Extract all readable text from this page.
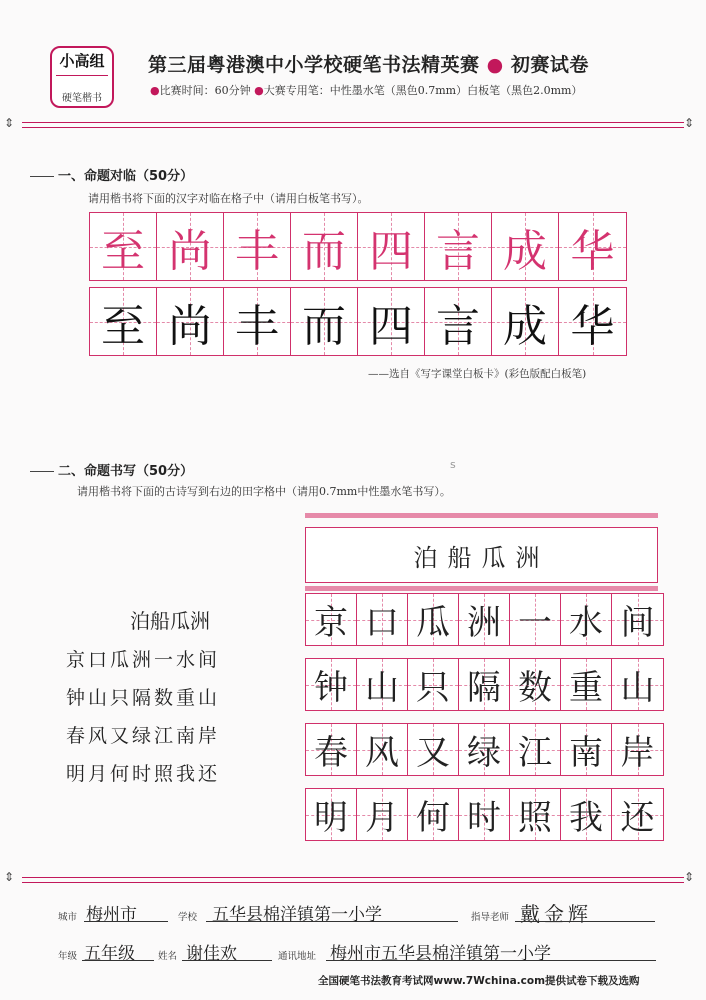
小高组
硬笔楷书
第三届粤港澳中小学校硬笔书法精英赛 ● 初赛试卷
●比赛时间：60分钟 ●大赛专用笔：中性墨水笔（黑色0.7mm）白板笔（黑色2.0mm）
⇕	⇕
一、命题对临（50分）
请用楷书将下面的汉字对临在格子中（请用白板笔书写）。
至 尚 丰 而 四 言 成 华
至 尚 丰 而 四 言 成 华
——选自《写字课堂白板卡》(彩色版配白板笔)
二、命题书写（50分）
请用楷书将下面的古诗写到右边的田字格中（请用0.7mm中性墨水笔书写）。
s
泊船瓜洲
京口瓜洲一水间
钟山只隔数重山
春风又绿江南岸
明月何时照我还
泊船瓜洲
京 口 瓜 洲 一 水 间
钟 山 只 隔 数 重 山
春 风 又 绿 江 南 岸
明 月 何 时 照 我 还
⇕	⇕
城市 梅州市	学校 五华县棉洋镇第一小学	指导老师 戴金辉
年级 五年级 姓名 谢佳欢	通讯地址 梅州市五华县棉洋镇第一小学
全国硬笔书法教育考试网www.7Wchina.com提供试卷下载及选购
